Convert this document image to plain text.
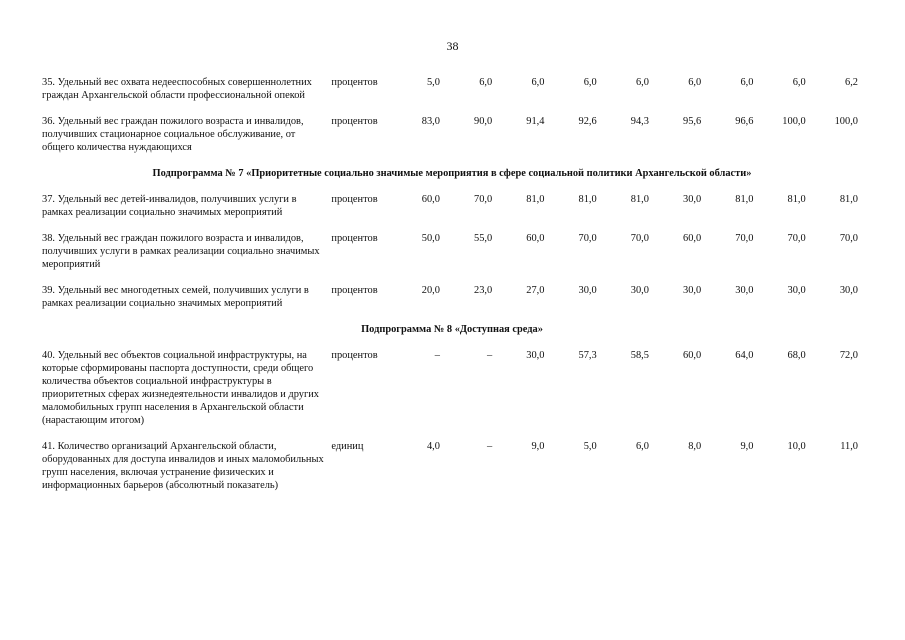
38
35. Удельный вес охвата недееспособных совершеннолетних граждан Архангельской области профессиональной опекой	процентов	5,0	6,0	6,0	6,0	6,0	6,0	6,0	6,0	6,2
36. Удельный вес граждан пожилого возраста и инвалидов, получивших стационарное социальное обслуживание, от общего количества нуждающихся	процентов	83,0	90,0	91,4	92,6	94,3	95,6	96,6	100,0	100,0
Подпрограмма № 7 «Приоритетные социально значимые мероприятия в сфере социальной политики Архангельской области»										
37. Удельный вес детей-инвалидов, получивших услуги в рамках реализации социально значимых мероприятий	процентов	60,0	70,0	81,0	81,0	81,0	30,0	81,0	81,0	81,0
38. Удельный вес граждан пожилого возраста и инвалидов, получивших услуги в рамках реализации социально значимых мероприятий	процентов	50,0	55,0	60,0	70,0	70,0	60,0	70,0	70,0	70,0
39. Удельный вес многодетных семей, получивших услуги в рамках реализации социально значимых мероприятий	процентов	20,0	23,0	27,0	30,0	30,0	30,0	30,0	30,0	30,0
Подпрограмма № 8 «Доступная среда»										
40. Удельный вес объектов социальной инфраструктуры, на которые сформированы паспорта доступности, среди общего количества объектов социальной инфраструктуры в приоритетных сферах жизнедеятельности инвалидов и других маломобильных групп населения в Архангельской области (нарастающим итогом)	процентов	–	–	30,0	57,3	58,5	60,0	64,0	68,0	72,0
41. Количество организаций Архангельской области, оборудованных для доступа инвалидов и иных маломобильных групп населения, включая устранение физических и информационных барьеров (абсолютный показатель)	единиц	4,0	–	9,0	5,0	6,0	8,0	9,0	10,0	11,0
